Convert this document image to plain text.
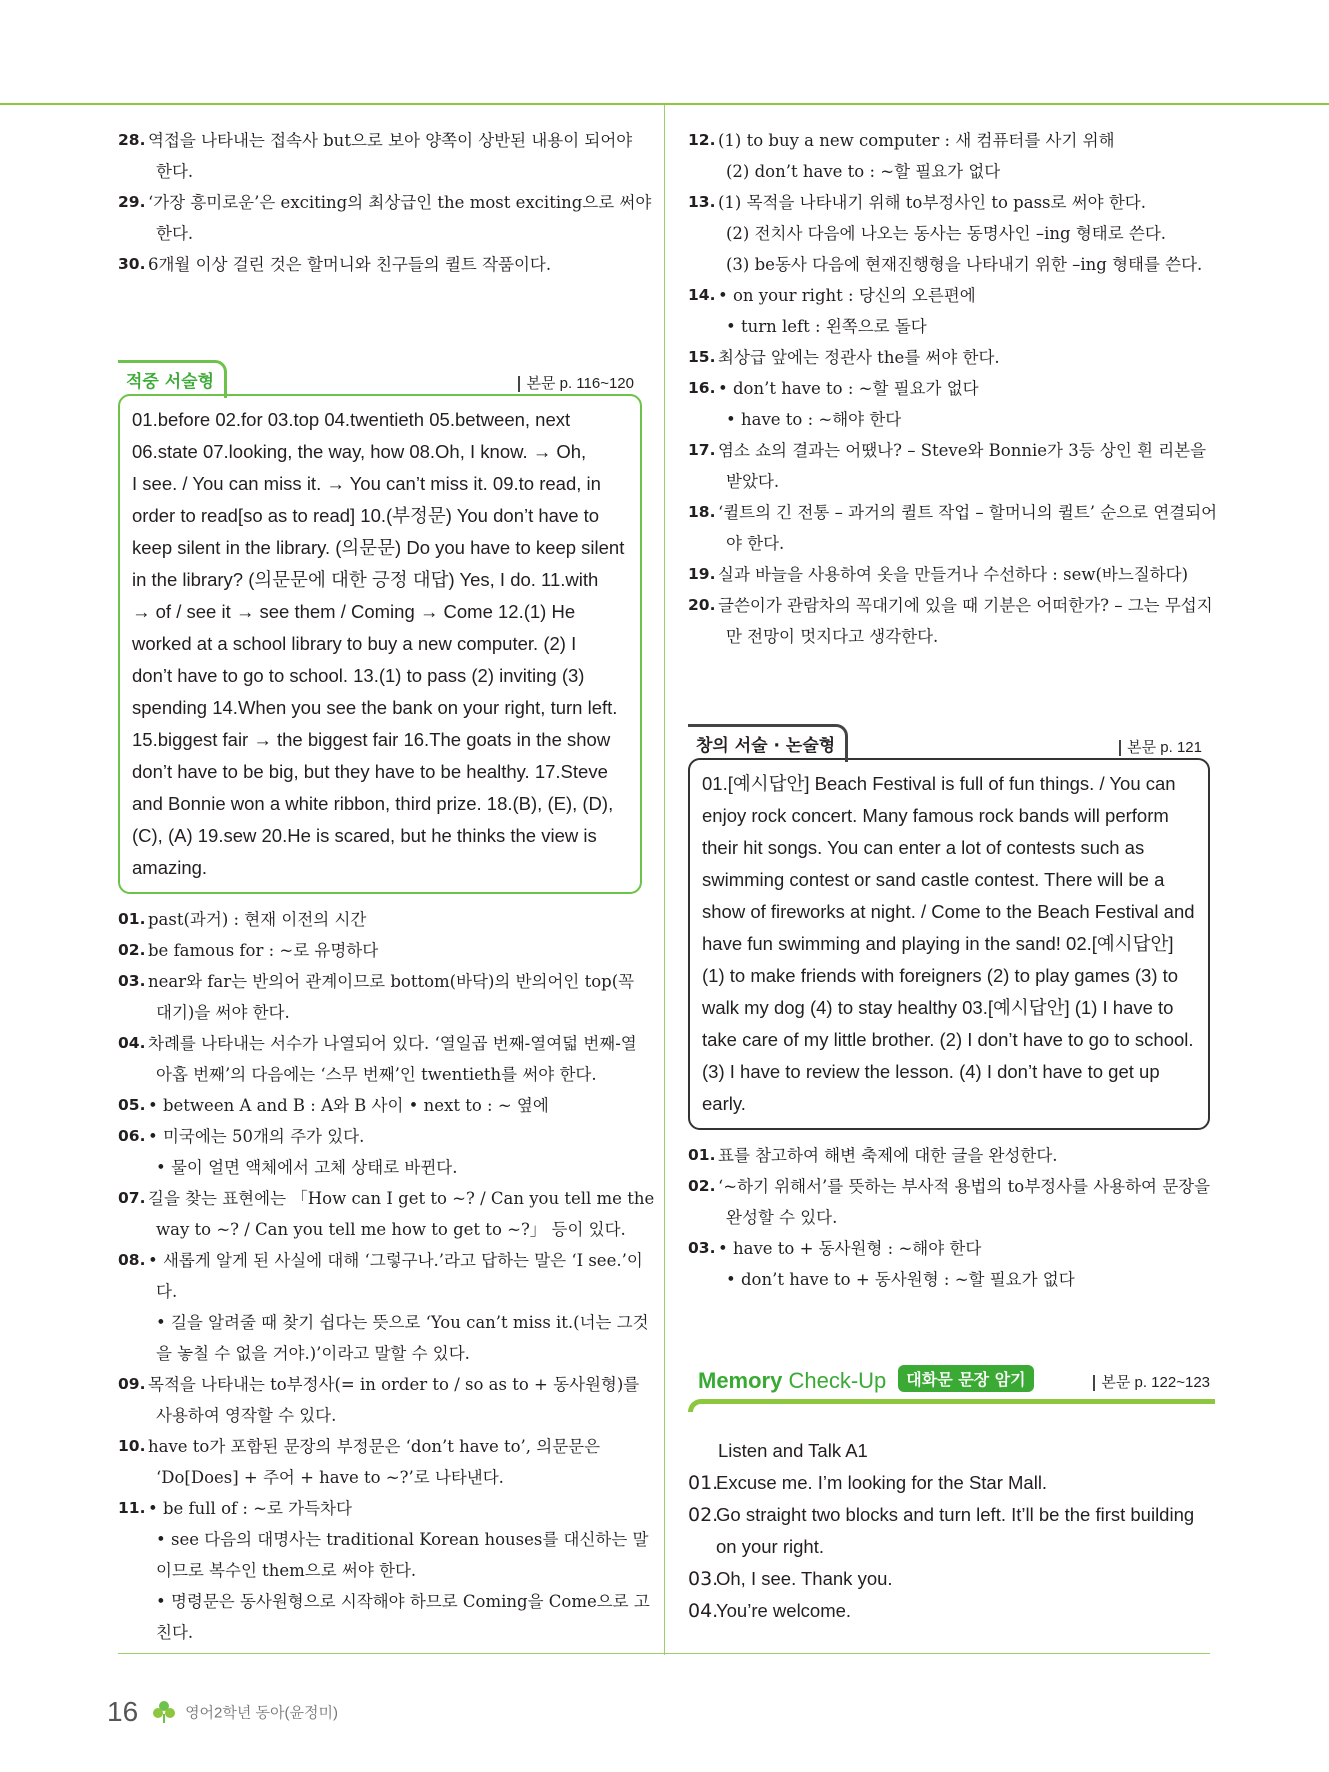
28. 역접을 나타내는 접속사 but으로 보아 양쪽이 상반된 내용이 되어야
한다.
29. ‘가장 흥미로운’은 exciting의 최상급인 the most exciting으로 써야
한다.
30. 6개월 이상 걸린 것은 할머니와 친구들의 퀼트 작품이다.
적중 서술형	본문 p. 116~120
01.before 02.for 03.top 04.twentieth 05.between, next
06.state 07.looking, the way, how 08.Oh, I know. → Oh,
I see. / You can miss it. → You can’t miss it. 09.to read, in
order to read[so as to read] 10.(부정문) You don’t have to
keep silent in the library. (의문문) Do you have to keep silent
in the library? (의문문에 대한 긍정 대답) Yes, I do. 11.with
→ of / see it → see them / Coming → Come 12.(1) He
worked at a school library to buy a new computer. (2) I
don’t have to go to school. 13.(1) to pass (2) inviting (3)
spending 14.When you see the bank on your right, turn left.
15.biggest fair → the biggest fair 16.The goats in the show
don’t have to be big, but they have to be healthy. 17.Steve
and Bonnie won a white ribbon, third prize. 18.(B), (E), (D),
(C), (A) 19.sew 20.He is scared, but he thinks the view is
amazing.
01. past(과거) : 현재 이전의 시간
02. be famous for : ~로 유명하다
03. near와 far는 반의어 관계이므로 bottom(바닥)의 반의어인 top(꼭
대기)을 써야 한다.
04. 차례를 나타내는 서수가 나열되어 있다. ‘열일곱 번째-열여덟 번째-열
아홉 번째’의 다음에는 ‘스무 번째’인 twentieth를 써야 한다.
05. • between A and B : A와 B 사이 • next to : ~ 옆에
06. • 미국에는 50개의 주가 있다.
• 물이 얼면 액체에서 고체 상태로 바뀐다.
07. 길을 찾는 표현에는 「How can I get to ~? / Can you tell me the
way to ~? / Can you tell me how to get to ~?」 등이 있다.
08. • 새롭게 알게 된 사실에 대해 ‘그렇구나.’라고 답하는 말은 ‘I see.’이
다.
• 길을 알려줄 때 찾기 쉽다는 뜻으로 ‘You can’t miss it.(너는 그것
을 놓칠 수 없을 거야.)’이라고 말할 수 있다.
09. 목적을 나타내는 to부정사(= in order to / so as to + 동사원형)를
사용하여 영작할 수 있다.
10. have to가 포함된 문장의 부정문은 ‘don’t have to’, 의문문은
‘Do[Does] + 주어 + have to ~?’로 나타낸다.
11. • be full of : ~로 가득차다
• see 다음의 대명사는 traditional Korean houses를 대신하는 말
이므로 복수인 them으로 써야 한다.
• 명령문은 동사원형으로 시작해야 하므로 Coming을 Come으로 고
친다.
12. (1) to buy a new computer : 새 컴퓨터를 사기 위해
(2) don’t have to : ~할 필요가 없다
13. (1) 목적을 나타내기 위해 to부정사인 to pass로 써야 한다.
(2) 전치사 다음에 나오는 동사는 동명사인 –ing 형태로 쓴다.
(3) be동사 다음에 현재진행형을 나타내기 위한 –ing 형태를 쓴다.
14. • on your right : 당신의 오른편에
• turn left : 왼쪽으로 돌다
15. 최상급 앞에는 정관사 the를 써야 한다.
16. • don’t have to : ~할 필요가 없다
• have to : ~해야 한다
17. 염소 쇼의 결과는 어땠나? – Steve와 Bonnie가 3등 상인 흰 리본을
받았다.
18. ‘퀼트의 긴 전통 – 과거의 퀼트 작업 – 할머니의 퀼트’ 순으로 연결되어
야 한다.
19. 실과 바늘을 사용하여 옷을 만들거나 수선하다 : sew(바느질하다)
20. 글쓴이가 관람차의 꼭대기에 있을 때 기분은 어떠한가? – 그는 무섭지
만 전망이 멋지다고 생각한다.
창의 서술 · 논술형	본문 p. 121
01.[예시답안] Beach Festival is full of fun things. / You can
enjoy rock concert. Many famous rock bands will perform
their hit songs. You can enter a lot of contests such as
swimming contest or sand castle contest. There will be a
show of fireworks at night. / Come to the Beach Festival and
have fun swimming and playing in the sand! 02.[예시답안]
(1) to make friends with foreigners (2) to play games (3) to
walk my dog (4) to stay healthy 03.[예시답안] (1) I have to
take care of my little brother. (2) I don’t have to go to school.
(3) I have to review the lesson. (4) I don’t have to get up
early.
01. 표를 참고하여 해변 축제에 대한 글을 완성한다.
02. ‘~하기 위해서’를 뜻하는 부사적 용법의 to부정사를 사용하여 문장을
완성할 수 있다.
03. • have to + 동사원형 : ~해야 한다
• don’t have to + 동사원형 : ~할 필요가 없다
Memory Check-Up 대화문 문장 암기	본문 p. 122~123
Listen and Talk A1
01.
Excuse me. I’m looking for the Star Mall.
02.
Go straight two blocks and turn left. It’ll be the first building
on your right.
03.
Oh, I see. Thank you.
04.
You’re welcome.
16	영어2학년 동아(윤정미)
